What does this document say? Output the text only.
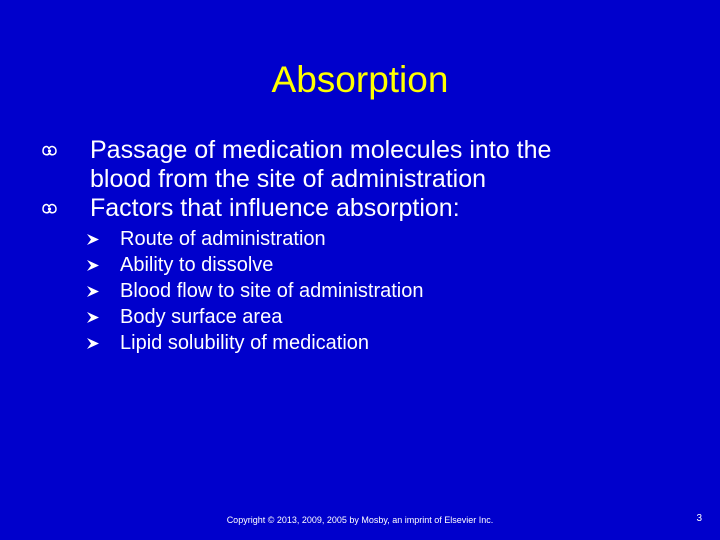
Absorption
Passage of medication molecules into the
blood from the site of administration
Factors that influence absorption:
Route of administration
Ability to dissolve
Blood flow to site of administration
Body surface area
Lipid solubility of medication
Copyright © 2013, 2009, 2005 by Mosby, an imprint of Elsevier Inc.	3
